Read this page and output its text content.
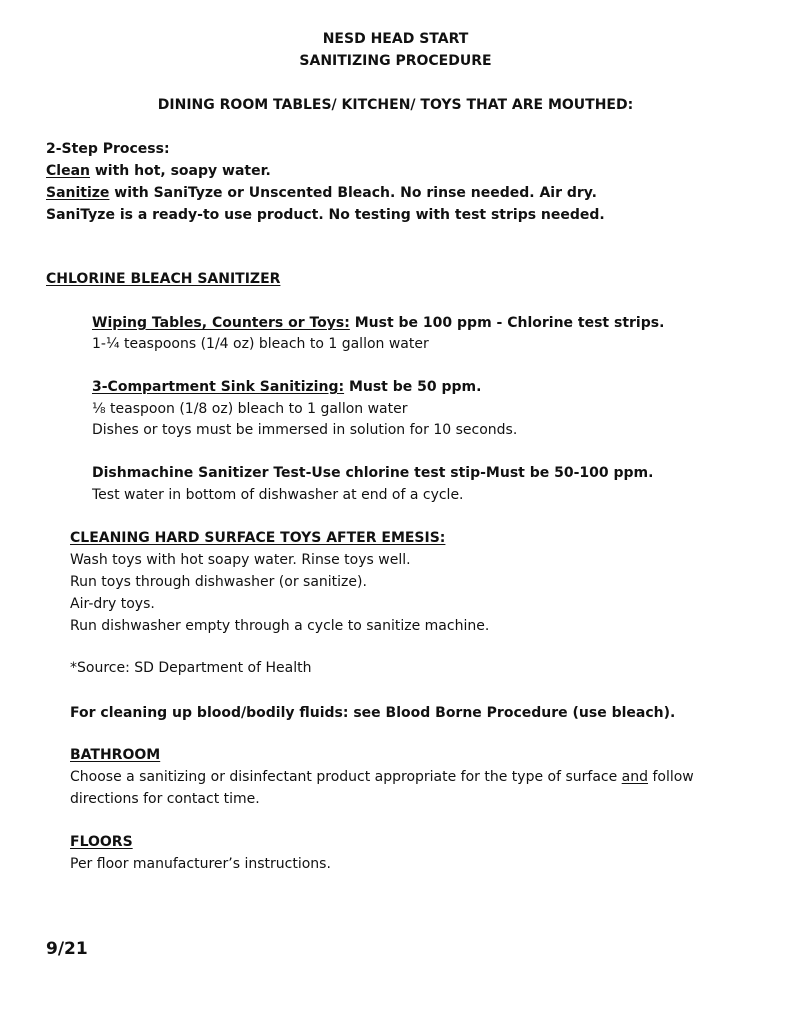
NESD HEAD START
SANITIZING PROCEDURE
DINING ROOM TABLES/ KITCHEN/ TOYS THAT ARE MOUTHED:
2-Step Process:
Clean with hot, soapy water.
Sanitize with SaniTyze or Unscented Bleach. No rinse needed. Air dry.
SaniTyze is a ready-to use product. No testing with test strips needed.
CHLORINE BLEACH SANITIZER
Wiping Tables, Counters or Toys: Must be 100 ppm - Chlorine test strips.
1-¼ teaspoons (1/4 oz) bleach to 1 gallon water
3-Compartment Sink Sanitizing: Must be 50 ppm.
⅛ teaspoon (1/8 oz) bleach to 1 gallon water
Dishes or toys must be immersed in solution for 10 seconds.
Dishmachine Sanitizer Test-Use chlorine test stip-Must be 50-100 ppm.
Test water in bottom of dishwasher at end of a cycle.
CLEANING HARD SURFACE TOYS AFTER EMESIS:
Wash toys with hot soapy water. Rinse toys well.
Run toys through dishwasher (or sanitize).
Air-dry toys.
Run dishwasher empty through a cycle to sanitize machine.
*Source: SD Department of Health
For cleaning up blood/bodily fluids: see Blood Borne Procedure (use bleach).
BATHROOM
Choose a sanitizing or disinfectant product appropriate for the type of surface and follow
directions for contact time.
FLOORS
Per floor manufacturer’s instructions.
9/21
